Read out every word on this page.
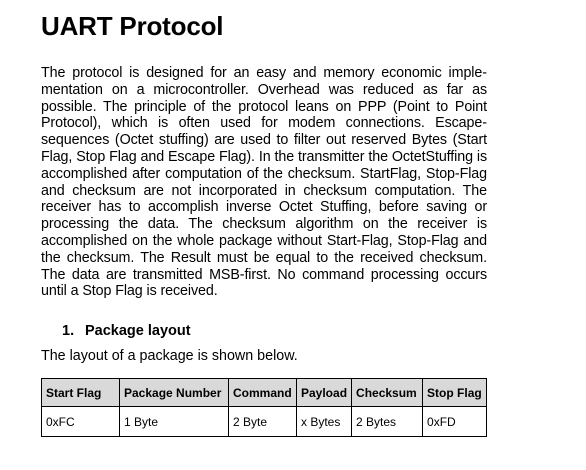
UART Protocol

The protocol is designed for an easy and memory economic implementation on a microcontroller. Overhead was reduced as far as possible. The principle of the protocol leans on PPP (Point to Point Protocol), which is often used for modem connections. Escapesequences (Octet stuffing) are used to filter out reserved Bytes (Start Flag, Stop Flag and Escape Flag). In the transmitter the OctetStuffing is accomplished after computation of the checksum. StartFlag, Stop-Flag and checksum are not incorporated in checksum computation. The receiver has to accomplish inverse Octet Stuffing, before saving or processing the data. The checksum algorithm on the receiver is accomplished on the whole package without Start-Flag, Stop-Flag and the checksum. The Result must be equal to the received checksum. The data are transmitted MSB-first. No command processing occurs until a Stop Flag is received.

1. Package layout
The layout of a package is shown below.
Start Flag	Package Number	Command	Payload	Checksum	Stop Flag
0xFC	1 Byte	2 Byte	x Bytes	2 Bytes	0xFD
